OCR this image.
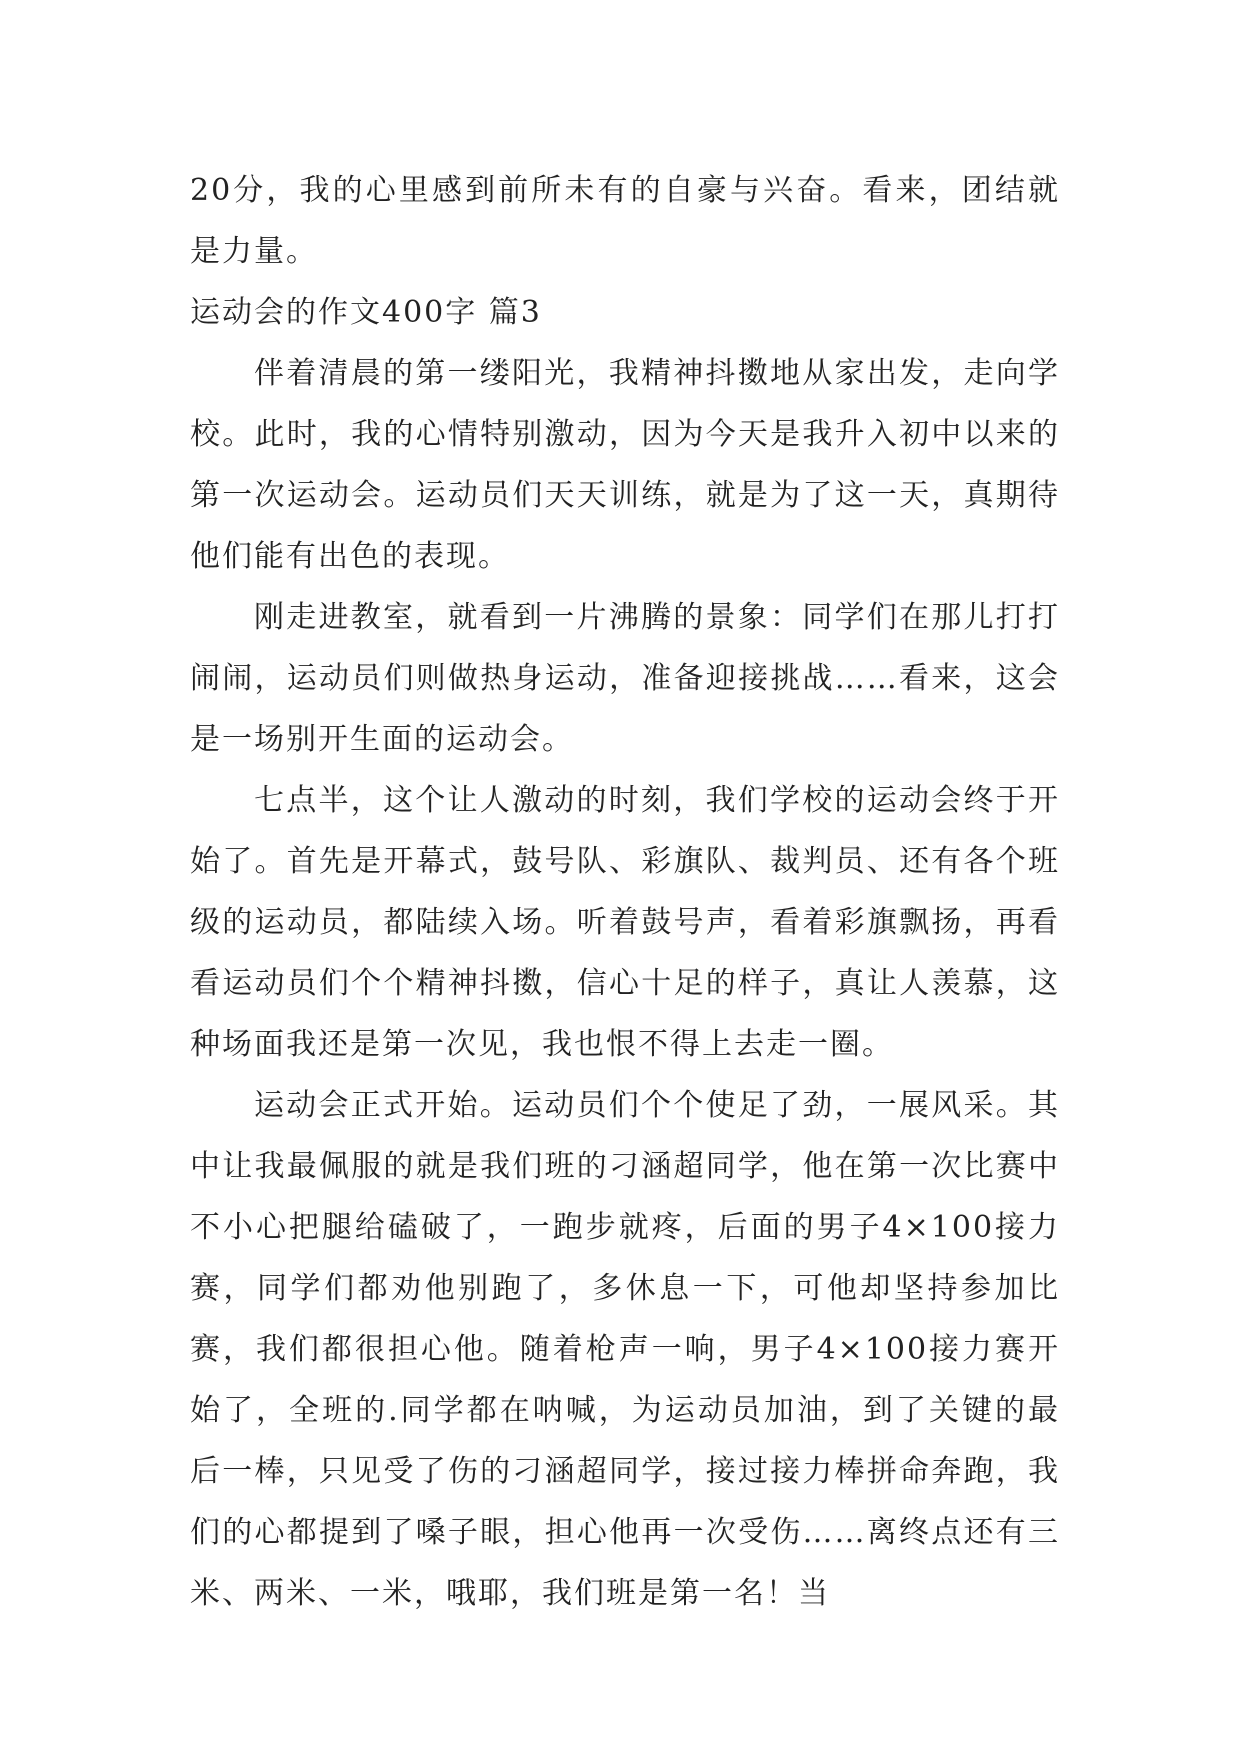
20分，我的心里感到前所未有的自豪与兴奋。看来，团结就是力量。

运动会的作文400字 篇3

伴着清晨的第一缕阳光，我精神抖擞地从家出发，走向学校。此时，我的心情特别激动，因为今天是我升入初中以来的第一次运动会。运动员们天天训练，就是为了这一天，真期待他们能有出色的表现。

刚走进教室，就看到一片沸腾的景象：同学们在那儿打打闹闹，运动员们则做热身运动，准备迎接挑战……看来，这会是一场别开生面的运动会。

七点半，这个让人激动的时刻，我们学校的运动会终于开始了。首先是开幕式，鼓号队、彩旗队、裁判员、还有各个班级的运动员，都陆续入场。听着鼓号声，看着彩旗飘扬，再看看运动员们个个精神抖擞，信心十足的样子，真让人羡慕，这种场面我还是第一次见，我也恨不得上去走一圈。

运动会正式开始。运动员们个个使足了劲，一展风采。其中让我最佩服的就是我们班的刁涵超同学，他在第一次比赛中不小心把腿给磕破了，一跑步就疼，后面的男子4×100接力赛，同学们都劝他别跑了，多休息一下，可他却坚持参加比赛，我们都很担心他。随着枪声一响，男子4×100接力赛开始了，全班的.同学都在呐喊，为运动员加油，到了关键的最后一棒，只见受了伤的刁涵超同学，接过接力棒拼命奔跑，我们的心都提到了嗓子眼，担心他再一次受伤……离终点还有三米、两米、一米，哦耶，我们班是第一名！当
